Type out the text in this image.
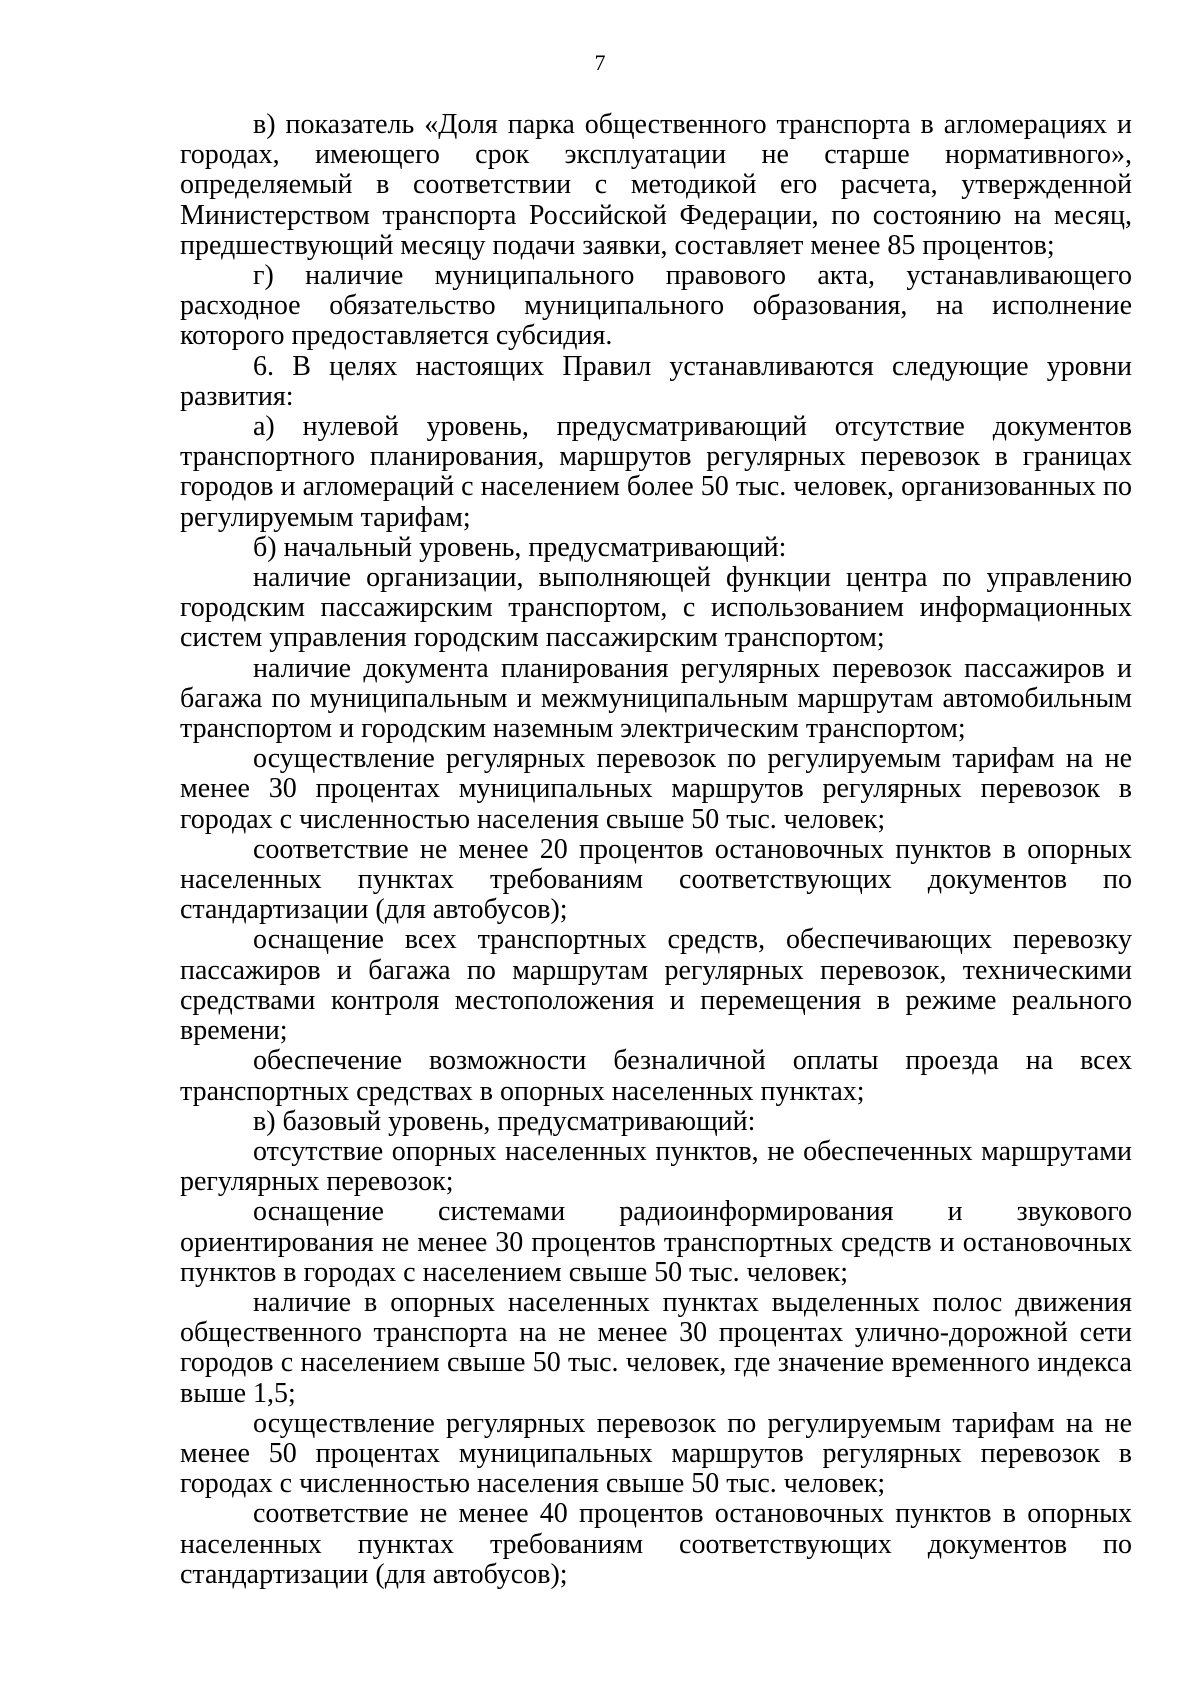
7

в) показатель «Доля парка общественного транспорта в агломерациях и городах, имеющего срок эксплуатации не старше нормативного», определяемый в соответствии с методикой его расчета, утвержденной Министерством транспорта Российской Федерации, по состоянию на месяц, предшествующий месяцу подачи заявки, составляет менее 85 процентов;

г) наличие муниципального правового акта, устанавливающего расходное обязательство муниципального образования, на исполнение которого предоставляется субсидия.

6. В целях настоящих Правил устанавливаются следующие уровни развития:

а) нулевой уровень, предусматривающий отсутствие документов транспортного планирования, маршрутов регулярных перевозок в границах городов и агломераций с населением более 50 тыс. человек, организованных по регулируемым тарифам;

б) начальный уровень, предусматривающий:

наличие организации, выполняющей функции центра по управлению городским пассажирским транспортом, с использованием информационных систем управления городским пассажирским транспортом;

наличие документа планирования регулярных перевозок пассажиров и багажа по муниципальным и межмуниципальным маршрутам автомобильным транспортом и городским наземным электрическим транспортом;

осуществление регулярных перевозок по регулируемым тарифам на не менее 30 процентах муниципальных маршрутов регулярных перевозок в городах с численностью населения свыше 50 тыс. человек;

соответствие не менее 20 процентов остановочных пунктов в опорных населенных пунктах требованиям соответствующих документов по стандартизации (для автобусов);

оснащение всех транспортных средств, обеспечивающих перевозку пассажиров и багажа по маршрутам регулярных перевозок, техническими средствами контроля местоположения и перемещения в режиме реального времени;

обеспечение возможности безналичной оплаты проезда на всех транспортных средствах в опорных населенных пунктах;

в) базовый уровень, предусматривающий:

отсутствие опорных населенных пунктов, не обеспеченных маршрутами регулярных перевозок;

оснащение системами радиоинформирования и звукового ориентирования не менее 30 процентов транспортных средств и остановочных пунктов в городах с населением свыше 50 тыс. человек;

наличие в опорных населенных пунктах выделенных полос движения общественного транспорта на не менее 30 процентах улично-дорожной сети городов с населением свыше 50 тыс. человек, где значение временного индекса выше 1,5;

осуществление регулярных перевозок по регулируемым тарифам на не менее 50 процентах муниципальных маршрутов регулярных перевозок в городах с численностью населения свыше 50 тыс. человек;

соответствие не менее 40 процентов остановочных пунктов в опорных населенных пунктах требованиям соответствующих документов по стандартизации (для автобусов);
